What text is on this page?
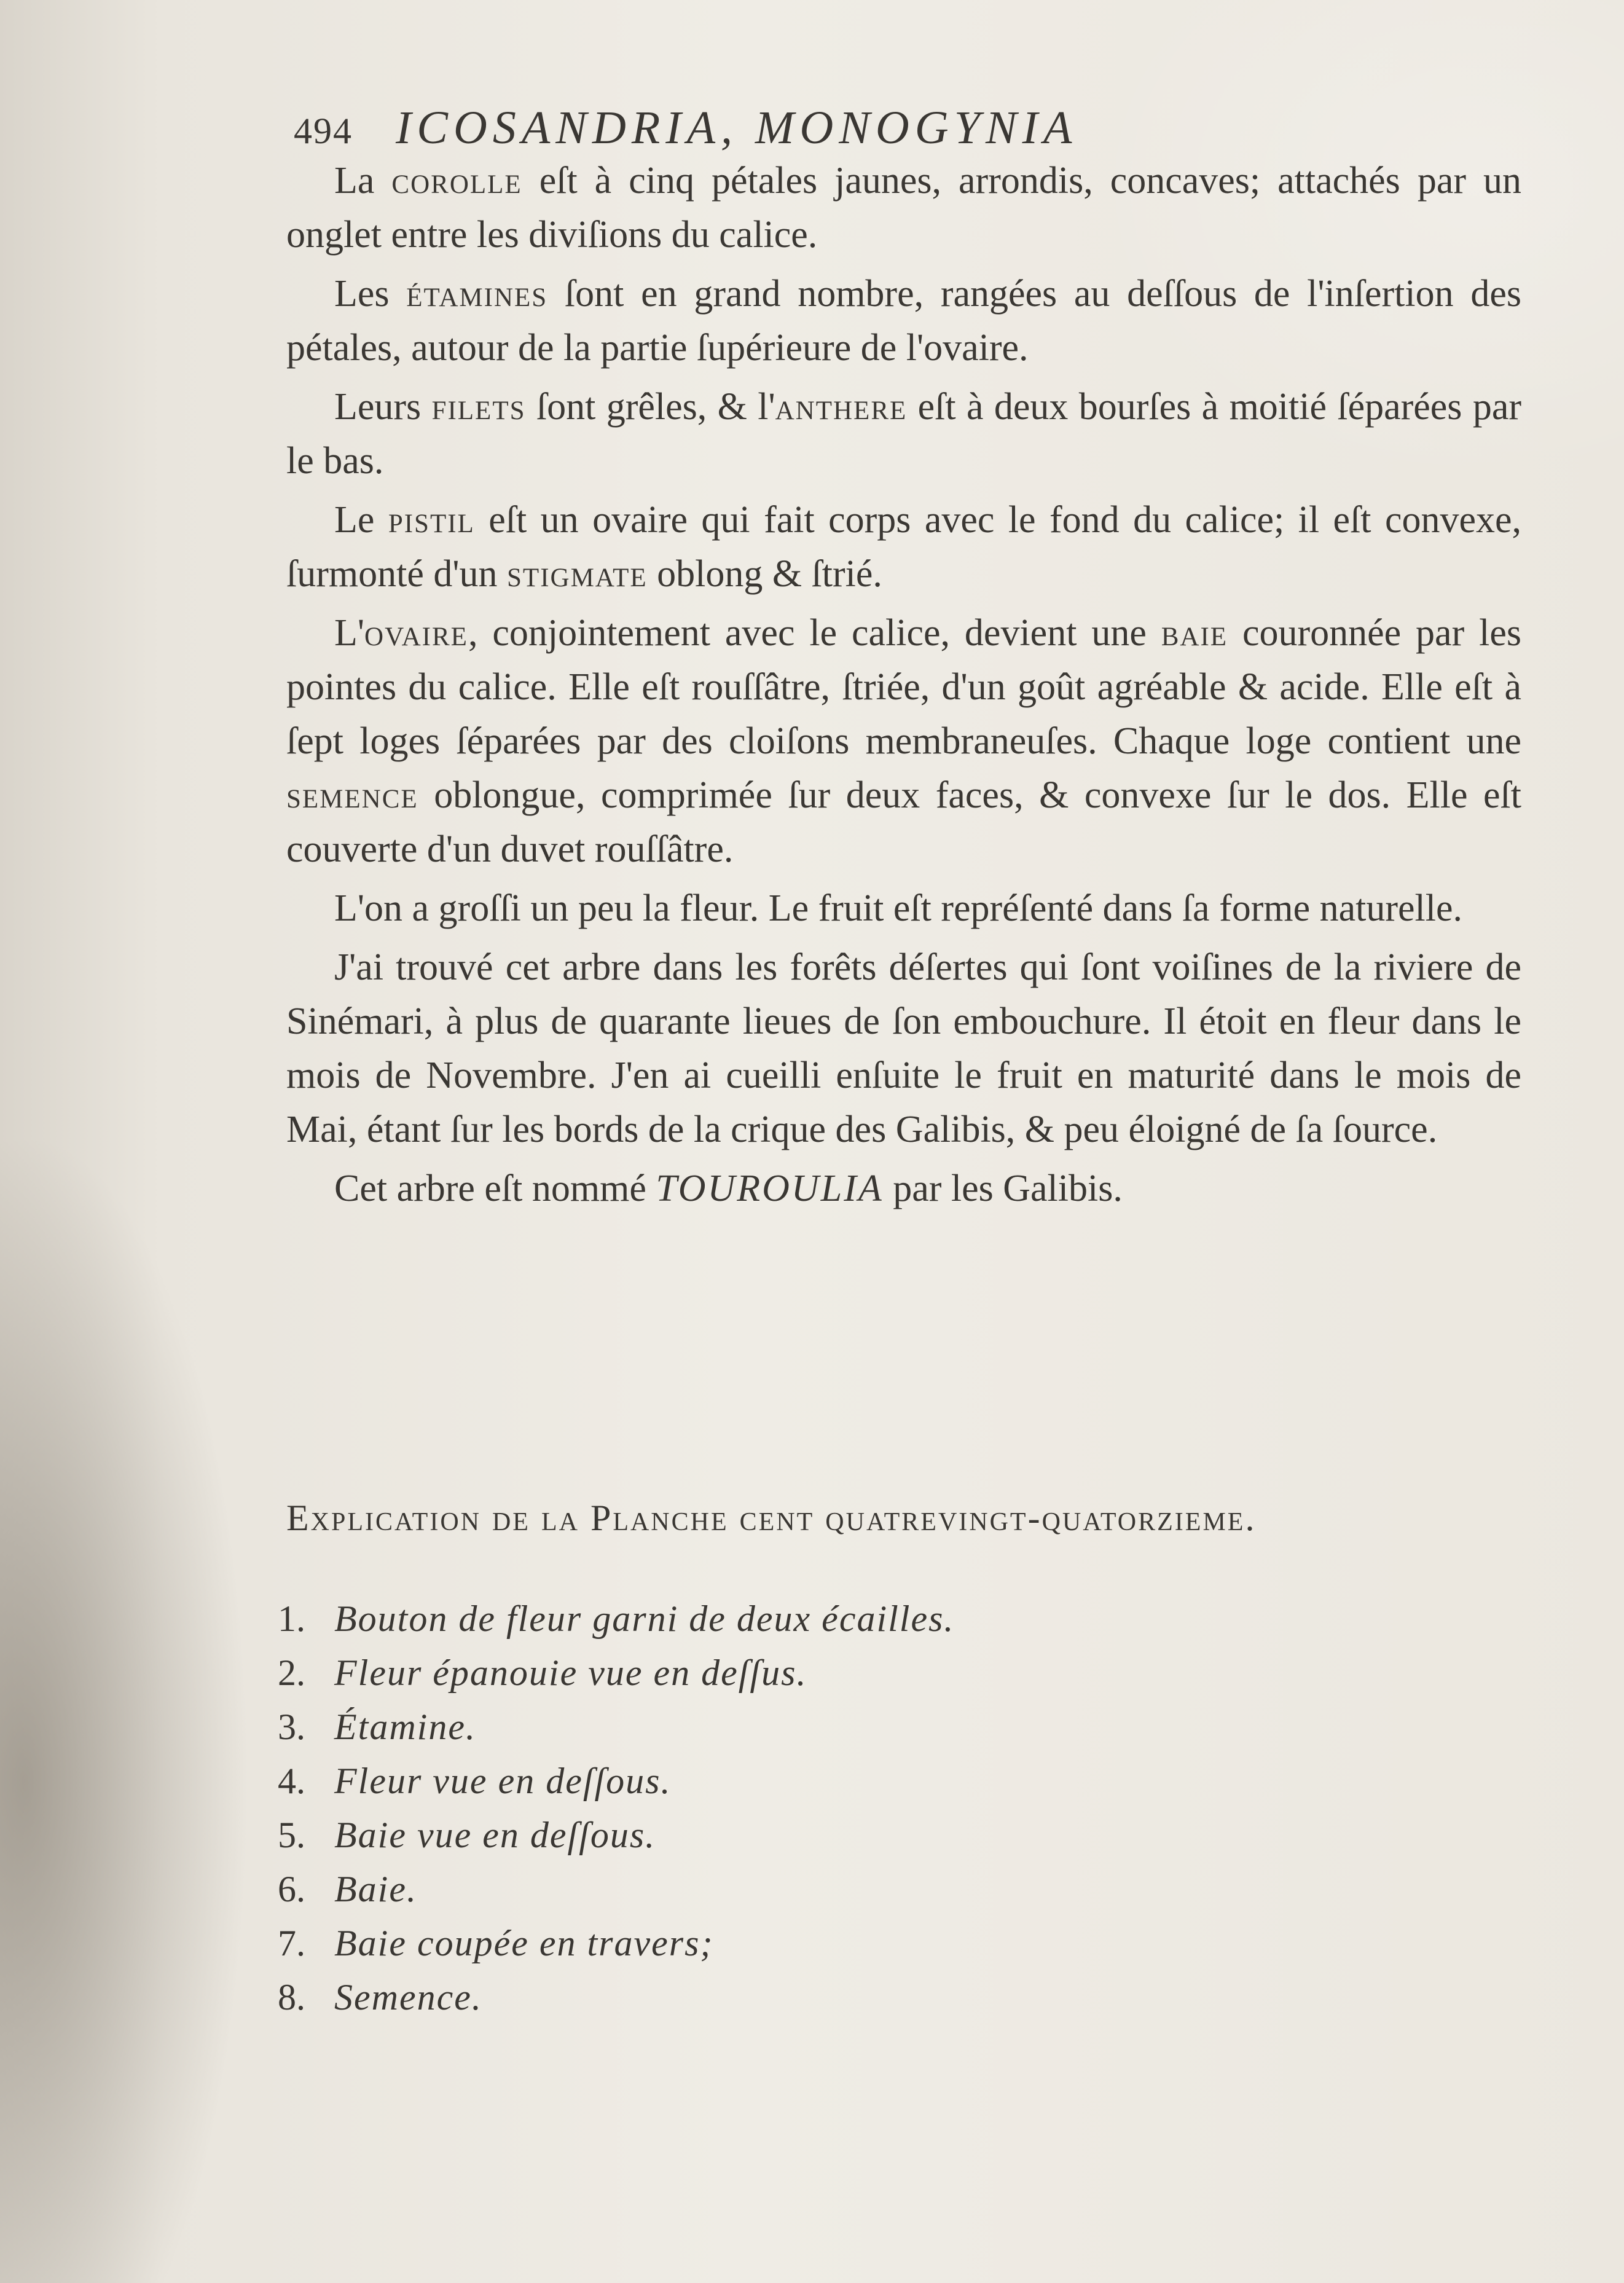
494 ICOSANDRIA, MONOGYNIA

La corolle eſt à cinq pétales jaunes, arrondis, concaves; attachés par un onglet entre les diviſions du calice.

Les étamines ſont en grand nombre, rangées au deſſous de l'inſertion des pétales, autour de la partie ſupérieure de l'ovaire.

Leurs filets ſont grêles, & l'anthere eſt à deux bourſes à moitié ſéparées par le bas.

Le pistil eſt un ovaire qui fait corps avec le fond du calice; il eſt convexe, ſurmonté d'un stigmate oblong & ſtrié.

L'ovaire, conjointement avec le calice, devient une baie couronnée par les pointes du calice. Elle eſt rouſſâtre, ſtriée, d'un goût agréable & acide. Elle eſt à ſept loges ſéparées par des cloiſons membraneuſes. Chaque loge contient une semence oblongue, comprimée ſur deux faces, & convexe ſur le dos. Elle eſt couverte d'un duvet rouſſâtre.

L'on a groſſi un peu la fleur. Le fruit eſt repréſenté dans ſa forme naturelle.

J'ai trouvé cet arbre dans les forêts déſertes qui ſont voiſines de la riviere de Sinémari, à plus de quarante lieues de ſon embouchure. Il étoit en fleur dans le mois de Novembre. J'en ai cueilli enſuite le fruit en maturité dans le mois de Mai, étant ſur les bords de la crique des Galibis, & peu éloigné de ſa ſource.

Cet arbre eſt nommé TOUROULIA par les Galibis.

Explication de la Planche cent quatrevingt-quatorzieme.
1. Bouton de fleur garni de deux écailles.
2. Fleur épanouie vue en deſſus.
3. Étamine.
4. Fleur vue en deſſous.
5. Baie vue en deſſous.
6. Baie.
7. Baie coupée en travers;
8. Semence.
